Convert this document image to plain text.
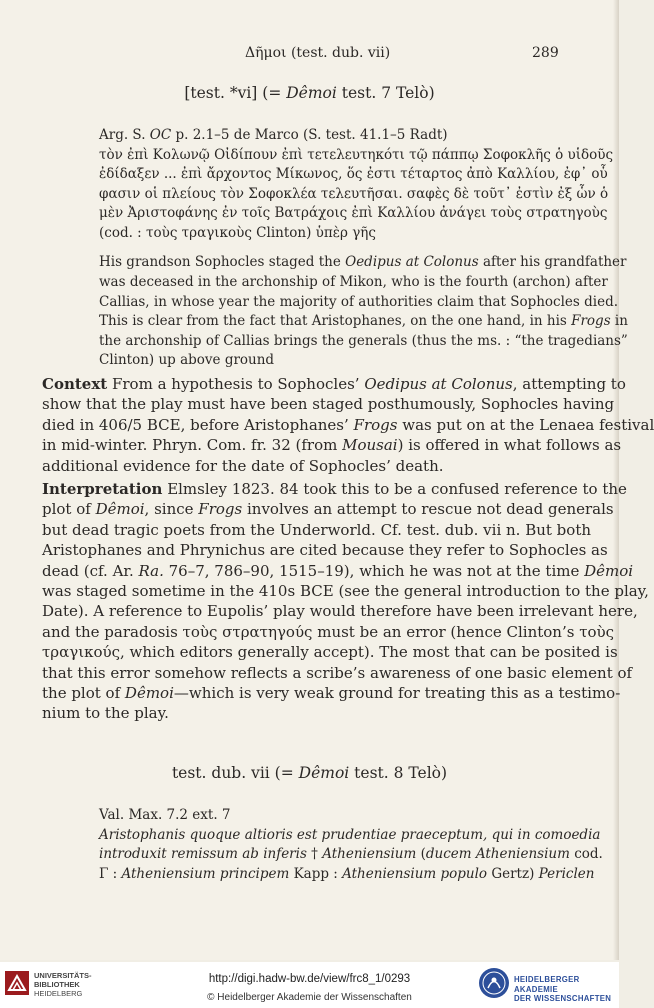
Δῆμοι (test. dub. vii)	289
[test. *vi] (= Dêmoi test. 7 Telò)
Arg. S. OC p. 2.1–5 de Marco (S. test. 41.1–5 Radt)
τὸν ἐπὶ Κολωνῷ Οἰδίπουν ἐπὶ τετελευτηκότι τῷ πάππῳ Σοφοκλῆς ὁ υἱδοῦς
ἐδίδαξεν ... ἐπὶ ἄρχοντος Μίκωνος, ὅς ἐστι τέταρτος ἀπὸ Καλλίου, ἐφ᾽ οὗ
φασιν οἱ πλείους τὸν Σοφοκλέα τελευτῆσαι. σαφὲς δὲ τοῦτ᾽ ἐστὶν ἐξ ὧν ὁ
μὲν Ἀριστοφάνης ἐν τοῖς Βατράχοις ἐπὶ Καλλίου ἀνάγει τοὺς στρατηγοὺς
(cod. : τοὺς τραγικοὺς Clinton) ὑπὲρ γῆς
His grandson Sophocles staged the Oedipus at Colonus after his grandfather
was deceased in the archonship of Mikon, who is the fourth (archon) after
Callias, in whose year the majority of authorities claim that Sophocles died.
This is clear from the fact that Aristophanes, on the one hand, in his Frogs in
the archonship of Callias brings the generals (thus the ms. : “the tragedians”
Clinton) up above ground
Context From a hypothesis to Sophocles’ Oedipus at Colonus, attempting to
show that the play must have been staged posthumously, Sophocles having
died in 406/5 BCE, before Aristophanes’ Frogs was put on at the Lenaea festival
in mid-winter. Phryn. Com. fr. 32 (from Mousai) is offered in what follows as
additional evidence for the date of Sophocles’ death.
Interpretation Elmsley 1823. 84 took this to be a confused reference to the
plot of Dêmoi, since Frogs involves an attempt to rescue not dead generals
but dead tragic poets from the Underworld. Cf. test. dub. vii n. But both
Aristophanes and Phrynichus are cited because they refer to Sophocles as
dead (cf. Ar. Ra. 76–7, 786–90, 1515–19), which he was not at the time Dêmoi
was staged sometime in the 410s BCE (see the general introduction to the play,
Date). A reference to Eupolis’ play would therefore have been irrelevant here,
and the paradosis τοὺς στρατηγούς must be an error (hence Clinton’s τοὺς
τραγικούς, which editors generally accept). The most that can be posited is
that this error somehow reflects a scribe’s awareness of one basic element of
the plot of Dêmoi—which is very weak ground for treating this as a testimo-
nium to the play.
test. dub. vii (= Dêmoi test. 8 Telò)
Val. Max. 7.2 ext. 7
Aristophanis quoque altioris est prudentiae praeceptum, qui in comoedia
introduxit remissum ab inferis † Atheniensium (ducem Atheniensium cod.
Γ : Atheniensium principem Kapp : Atheniensium populo Gertz) Periclen
UNIVERSITÄTS-
BIBLIOTHEK
HEIDELBERG
http://digi.hadw-bw.de/view/frc8_1/0293
© Heidelberger Akademie der Wissenschaften
HEIDELBERGER AKADEMIE
DER WISSENSCHAFTEN
